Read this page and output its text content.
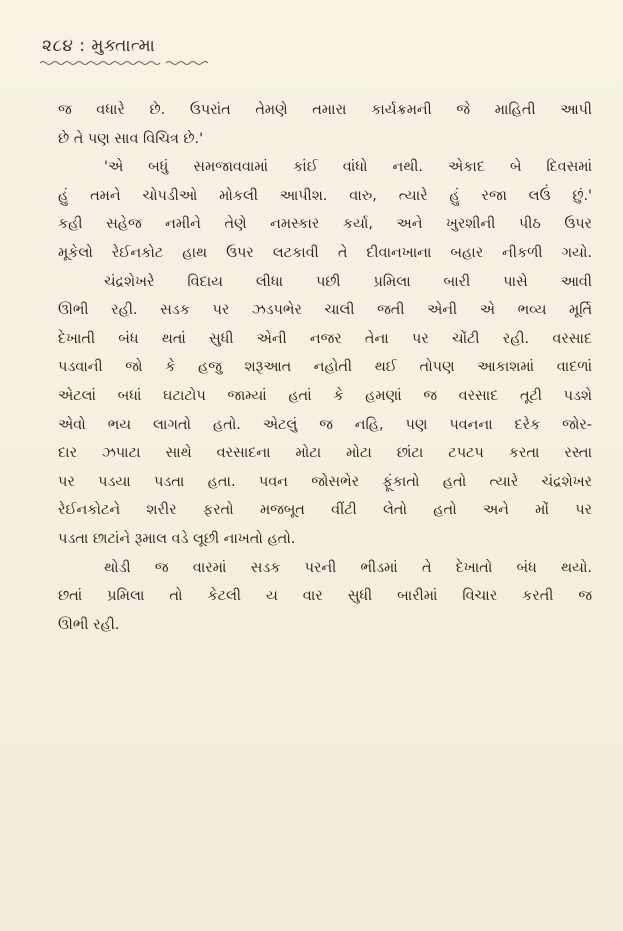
૨૮૪ : મુક્તાત્મા
જ વધારે છે. ઉપરાંત તેમણે તમારા કાર્યક્રમની જે માહિતી આપી
છે તે પણ સાવ વિચિત્ર છે.'
'એ બધું સમજાવવામાં કાંઈ વાંધો નથી. એકાદ બે દિવસમાં
હું તમને ચોપડીઓ મોકલી આપીશ. વારુ, ત્યારે હું રજા લઉં છું.'
કહી સહેજ નમીને તેણે નમસ્કાર કર્યા, અને ખુરશીની પીઠ ઉપર
મૂકેલો રેઈનકોટ હાથ ઉપર લટકાવી તે દીવાનખાના બહાર નીકળી ગયો.
ચંદ્રશેખરે વિદાય લીધા પછી પ્રમિલા બારી પાસે આવી
ઊભી રહી. સડક પર ઝડપભેર ચાલી જતી એની એ ભવ્ય મૂર્તિ
દેખાતી બંધ થતાં સુધી એની નજર તેના પર ચોંટી રહી. વરસાદ
પડવાની જો કે હજુ શરૂઆત નહોતી થઈ તોપણ આકાશમાં વાદળાં
એટલાં બધાં ઘટાટોપ જામ્યાં હતાં કે હમણાં જ વરસાદ તૂટી પડશે
એવો ભય લાગતો હતો. એટલું જ નહિ, પણ પવનના દરેક જોર-
દાર ઝપાટા સાથે વરસાદના મોટા મોટા છાંટા ટપટપ કરતા રસ્તા
પર પડયા પડતા હતા. પવન જોસભેર ફૂંકાતો હતો ત્યારે ચંદ્રશેખર
રેઈનકોટને શરીર ફરતો મજબૂત વીંટી લેતો હતો અને મોં પર
પડતા છાટાંને રૂમાલ વડે લૂછી નાખતો હતો.
થોડી જ વારમાં સડક પરની ભીડમાં તે દેખાતો બંધ થયો.
છતાં પ્રમિલા તો કેટલી ય વાર સુધી બારીમાં વિચાર કરતી જ
ઊભી રહી.
